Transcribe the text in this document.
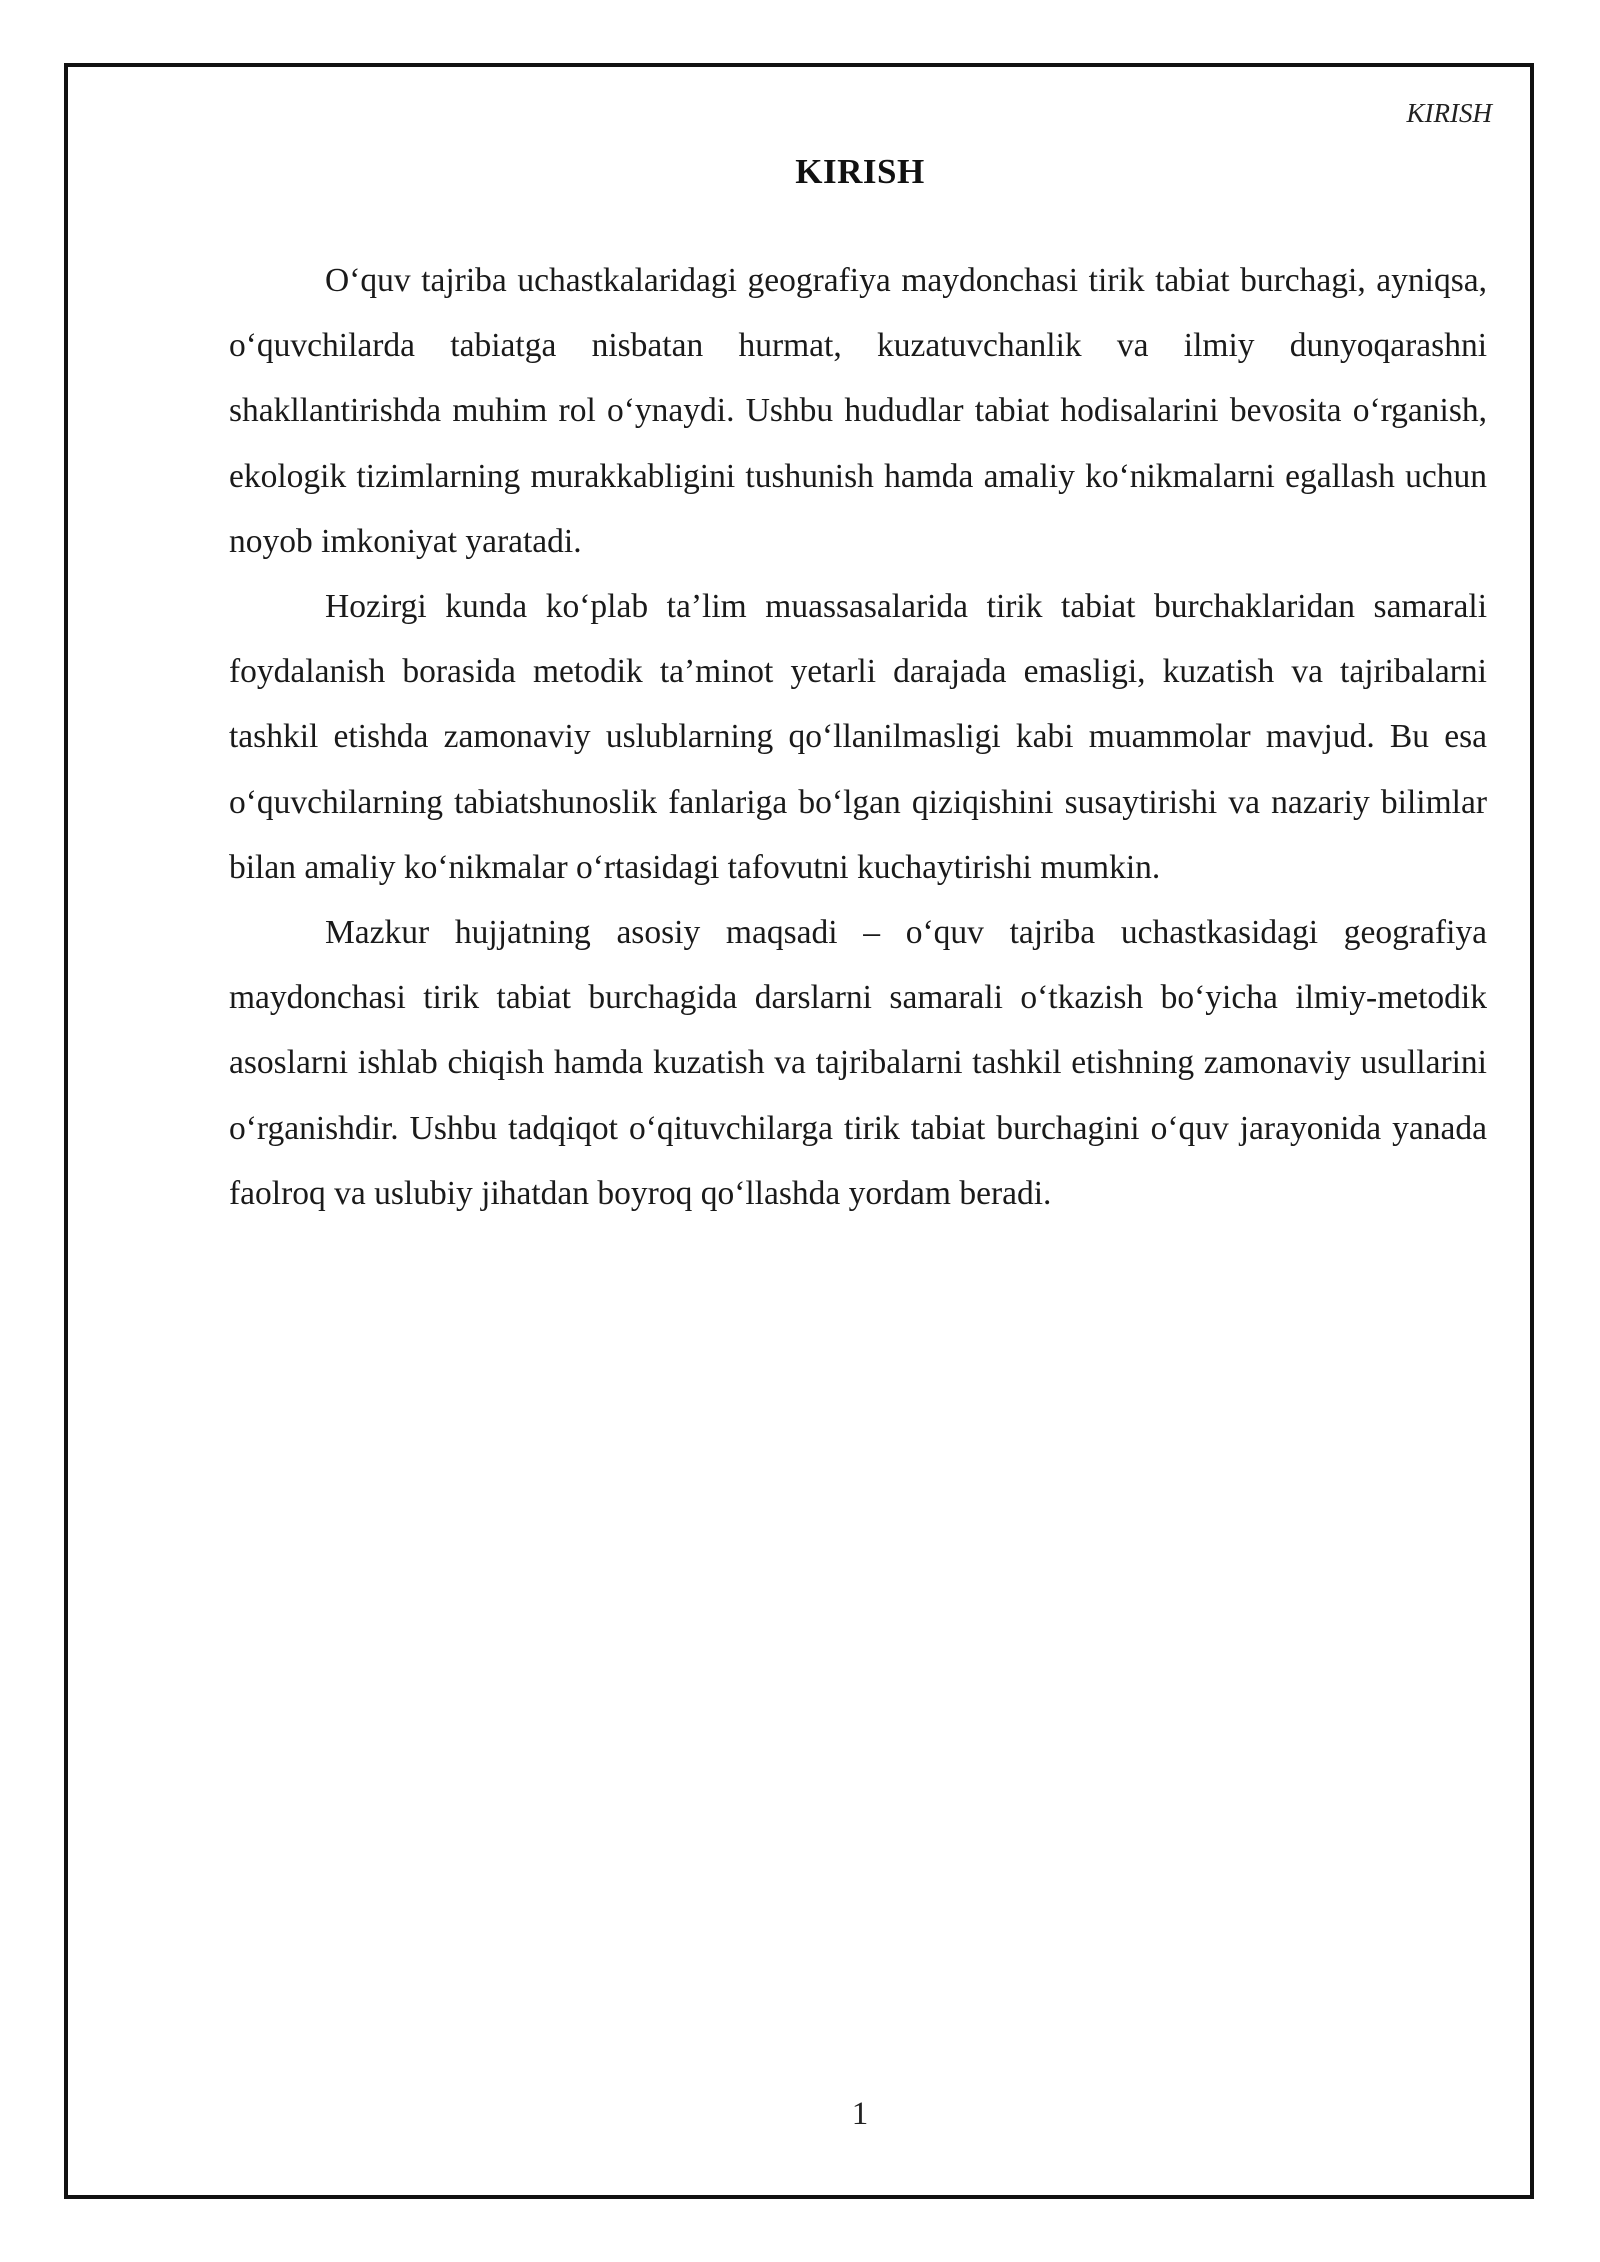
KIRISH
KIRISH

O‘quv tajriba uchastkalaridagi geografiya maydonchasi tirik tabiat burchagi, ayniqsa, o‘quvchilarda tabiatga nisbatan hurmat, kuzatuvchanlik va ilmiy dunyoqarashni shakllantirishda muhim rol o‘ynaydi. Ushbu hududlar tabiat hodisalarini bevosita o‘rganish, ekologik tizimlarning murakkabligini tushunish hamda amaliy ko‘nikmalarni egallash uchun noyob imkoniyat yaratadi.

Hozirgi kunda ko‘plab ta’lim muassasalarida tirik tabiat burchaklaridan samarali foydalanish borasida metodik ta’minot yetarli darajada emasligi, kuzatish va tajribalarni tashkil etishda zamonaviy uslublarning qo‘llanilmasligi kabi muammolar mavjud. Bu esa o‘quvchilarning tabiatshunoslik fanlariga bo‘lgan qiziqishini susaytirishi va nazariy bilimlar bilan amaliy ko‘nikmalar o‘rtasidagi tafovutni kuchaytirishi mumkin.

Mazkur hujjatning asosiy maqsadi – o‘quv tajriba uchastkasidagi geografiya maydonchasi tirik tabiat burchagida darslarni samarali o‘tkazish bo‘yicha ilmiy-metodik asoslarni ishlab chiqish hamda kuzatish va tajribalarni tashkil etishning zamonaviy usullarini o‘rganishdir. Ushbu tadqiqot o‘qituvchilarga tirik tabiat burchagini o‘quv jarayonida yanada faolroq va uslubiy jihatdan boyroq qo‘llashda yordam beradi.

1
